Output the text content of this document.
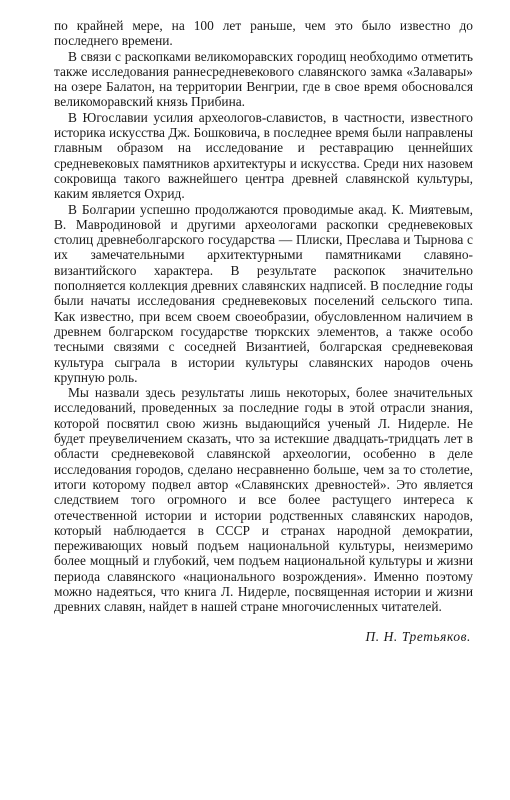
по крайней мере, на 100 лет раньше, чем это было известно до последнего времени.

В связи с раскопками великоморавских городищ необходимо отметить также исследования раннесредневекового славянского замка «Залавары» на озере Балатон, на территории Венгрии, где в свое время обосновался великоморавский князь Прибина.

В Югославии усилия археологов-славистов, в частности, известного историка искусства Дж. Бошковича, в последнее время были направлены главным образом на исследование и реставрацию ценнейших средневековых памятников архитектуры и искусства. Среди них назовем сокровища такого важнейшего центра древней славянской культуры, каким является Охрид.

В Болгарии успешно продолжаются проводимые акад. К. Миятевым, В. Мавродиновой и другими археологами раскопки средневековых столиц древнеболгарского государства — Плиски, Преслава и Тырнова с их замечательными архитектурными памятниками славяно-византийского характера. В результате раскопок значительно пополняется коллекция древних славянских надписей. В последние годы были начаты исследования средневековых поселений сельского типа. Как известно, при всем своем своеобразии, обусловленном наличием в древнем болгарском государстве тюркских элементов, а также особо тесными связями с соседней Византией, болгарская средневековая культура сыграла в истории культуры славянских народов очень крупную роль.

Мы назвали здесь результаты лишь некоторых, более значительных исследований, проведенных за последние годы в этой отрасли знания, которой посвятил свою жизнь выдающийся ученый Л. Нидерле. Не будет преувеличением сказать, что за истекшие двадцать-тридцать лет в области средневековой славянской археологии, особенно в деле исследования городов, сделано несравненно больше, чем за то столетие, итоги которому подвел автор «Славянских древностей». Это является следствием того огромного и все более растущего интереса к отечественной истории и истории родственных славянских народов, который наблюдается в СССР и странах народной демократии, переживающих новый подъем национальной культуры, неизмеримо более мощный и глубокий, чем подъем национальной культуры и жизни периода славянского «национального возрождения». Именно поэтому можно надеяться, что книга Л. Нидерле, посвященная истории и жизни древних славян, найдет в нашей стране многочисленных читателей.

П. Н. Третьяков.
